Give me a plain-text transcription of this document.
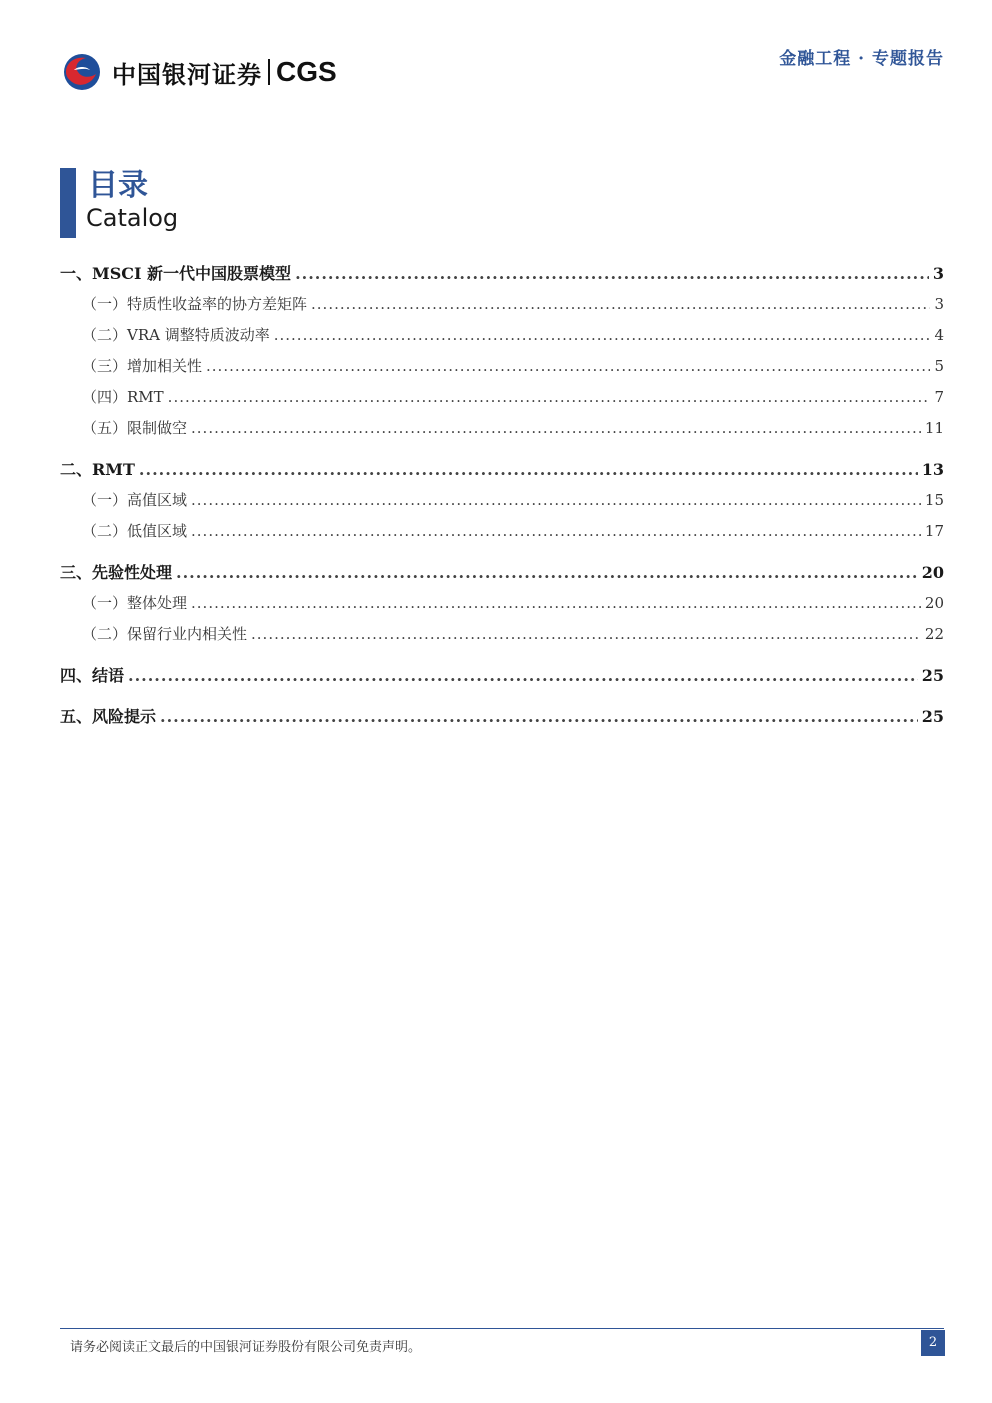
中国银河证券 CGS	金融工程 · 专题报告
目录
Catalog
一、MSCI 新一代中国股票模型 .....	3
（一）特质性收益率的协方差矩阵 .....	3
（二）VRA 调整特质波动率 .....	4
（三）增加相关性 .....	5
（四）RMT .....	7
（五）限制做空 .....	11
二、RMT .....	13
（一）高值区域 .....	15
（二）低值区域 .....	17
三、先验性处理 .....	20
（一）整体处理 .....	20
（二）保留行业内相关性 .....	22
四、结语 .....	25
五、风险提示 .....	25
请务必阅读正文最后的中国银河证券股份有限公司免责声明。	2
